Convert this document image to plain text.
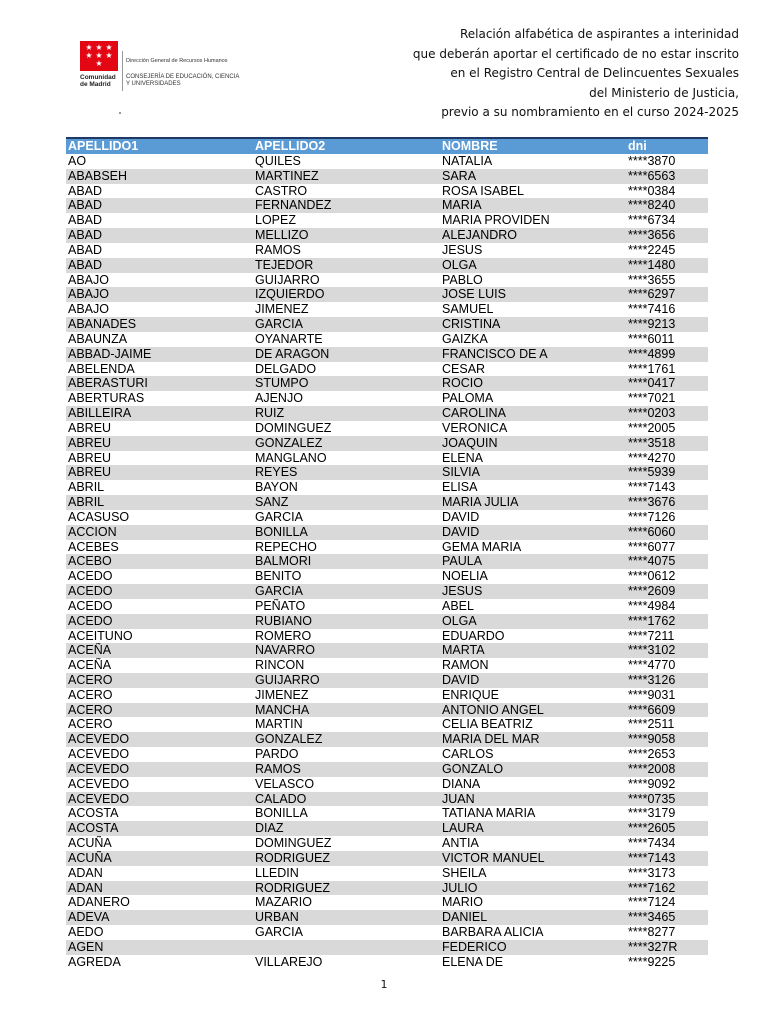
★ ★ ★
★ ★ ★
★
Comunidad de Madrid
Dirección General de Recursos Humanos
CONSEJERÍA DE EDUCACIÓN, CIENCIA Y UNIVERSIDADES
Relación alfabética de aspirantes a interinidad
que deberán aportar el certificado de no estar inscrito
en el Registro Central de Delincuentes Sexuales
del Ministerio de Justicia,
previo a su nombramiento en el curso 2024-2025
APELLIDO1	APELLIDO2	NOMBRE	dni
AO	QUILES	NATALIA	****3870
ABABSEH	MARTINEZ	SARA	****6563
ABAD	CASTRO	ROSA ISABEL	****0384
ABAD	FERNANDEZ	MARIA	****8240
ABAD	LOPEZ	MARIA PROVIDEN	****6734
ABAD	MELLIZO	ALEJANDRO	****3656
ABAD	RAMOS	JESUS	****2245
ABAD	TEJEDOR	OLGA	****1480
ABAJO	GUIJARRO	PABLO	****3655
ABAJO	IZQUIERDO	JOSE LUIS	****6297
ABAJO	JIMENEZ	SAMUEL	****7416
ABANADES	GARCIA	CRISTINA	****9213
ABAUNZA	OYANARTE	GAIZKA	****6011
ABBAD-JAIME	DE ARAGON	FRANCISCO DE A	****4899
ABELENDA	DELGADO	CESAR	****1761
ABERASTURI	STUMPO	ROCIO	****0417
ABERTURAS	AJENJO	PALOMA	****7021
ABILLEIRA	RUIZ	CAROLINA	****0203
ABREU	DOMINGUEZ	VERONICA	****2005
ABREU	GONZALEZ	JOAQUIN	****3518
ABREU	MANGLANO	ELENA	****4270
ABREU	REYES	SILVIA	****5939
ABRIL	BAYON	ELISA	****7143
ABRIL	SANZ	MARIA JULIA	****3676
ACASUSO	GARCIA	DAVID	****7126
ACCION	BONILLA	DAVID	****6060
ACEBES	REPECHO	GEMA MARIA	****6077
ACEBO	BALMORI	PAULA	****4075
ACEDO	BENITO	NOELIA	****0612
ACEDO	GARCIA	JESUS	****2609
ACEDO	PEÑATO	ABEL	****4984
ACEDO	RUBIANO	OLGA	****1762
ACEITUNO	ROMERO	EDUARDO	****7211
ACEÑA	NAVARRO	MARTA	****3102
ACEÑA	RINCON	RAMON	****4770
ACERO	GUIJARRO	DAVID	****3126
ACERO	JIMENEZ	ENRIQUE	****9031
ACERO	MANCHA	ANTONIO ANGEL	****6609
ACERO	MARTIN	CELIA BEATRIZ	****2511
ACEVEDO	GONZALEZ	MARIA DEL MAR	****9058
ACEVEDO	PARDO	CARLOS	****2653
ACEVEDO	RAMOS	GONZALO	****2008
ACEVEDO	VELASCO	DIANA	****9092
ACEVEDO	CALADO	JUAN	****0735
ACOSTA	BONILLA	TATIANA MARIA	****3179
ACOSTA	DIAZ	LAURA	****2605
ACUÑA	DOMINGUEZ	ANTIA	****7434
ACUÑA	RODRIGUEZ	VICTOR MANUEL	****7143
ADAN	LLEDIN	SHEILA	****3173
ADAN	RODRIGUEZ	JULIO	****7162
ADANERO	MAZARIO	MARIO	****7124
ADEVA	URBAN	DANIEL	****3465
AEDO	GARCIA	BARBARA ALICIA	****8277
AGEN		FEDERICO	****327R
AGREDA	VILLAREJO	ELENA DE	****9225
1
